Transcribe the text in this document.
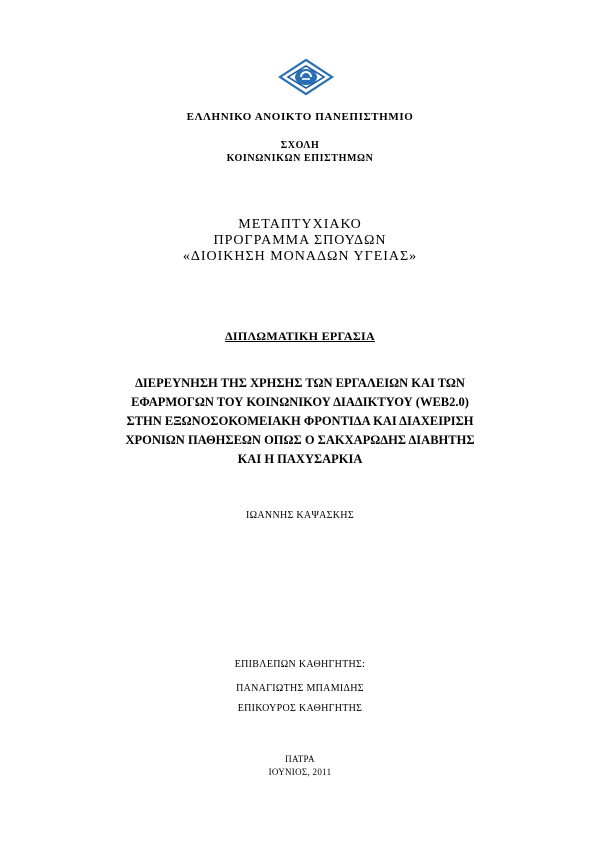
ΕΛΛΗΝΙΚΟ ΑΝΟΙΚΤΟ ΠΑΝΕΠΙΣΤΗΜΙΟ
ΣΧΟΛΗ
ΚΟΙΝΩΝΙΚΩΝ ΕΠΙΣΤΗΜΩΝ
ΜΕΤΑΠΤΥΧΙΑΚΟ
ΠΡΟΓΡΑΜΜΑ ΣΠΟΥΔΩΝ
«ΔΙΟΙΚΗΣΗ ΜΟΝΑΔΩΝ ΥΓΕΙΑΣ»
ΔΙΠΛΩΜΑΤΙΚΗ ΕΡΓΑΣΙΑ
ΔΙΕΡΕΥΝΗΣΗ ΤΗΣ ΧΡΗΣΗΣ ΤΩΝ ΕΡΓΑΛΕΙΩΝ ΚΑΙ ΤΩΝ
ΕΦΑΡΜΟΓΩΝ ΤΟΥ ΚΟΙΝΩΝΙΚΟΥ ΔΙΑΔΙΚΤΥΟΥ (WEB2.0)
ΣΤΗΝ ΕΞΩΝΟΣΟΚΟΜΕΙΑΚΗ ΦΡΟΝΤΙΔΑ ΚΑΙ ΔΙΑΧΕΙΡΙΣΗ
ΧΡΟΝΙΩΝ ΠΑΘΗΣΕΩΝ ΟΠΩΣ Ο ΣΑΚΧΑΡΩΔΗΣ ΔΙΑΒΗΤΗΣ
ΚΑΙ Η ΠΑΧΥΣΑΡΚΙΑ
ΙΩΑΝΝΗΣ ΚΑΨΑΣΚΗΣ
ΕΠΙΒΛΕΠΩΝ ΚΑΘΗΓΗΤΗΣ:
ΠΑΝΑΓΙΩΤΗΣ ΜΠΑΜΙΔΗΣ
ΕΠΙΚΟΥΡΟΣ ΚΑΘΗΓΗΤΗΣ
ΠΑΤΡΑ
ΙΟΥΝΙΟΣ, 2011
